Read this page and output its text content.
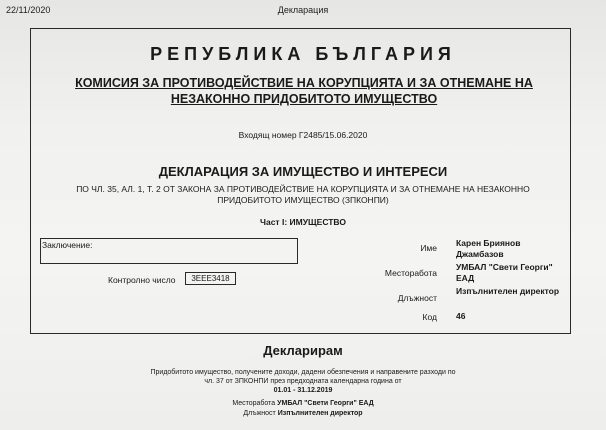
22/11/2020	Декларация
РЕПУБЛИКА БЪЛГАРИЯ
КОМИСИЯ ЗА ПРОТИВОДЕЙСТВИЕ НА КОРУПЦИЯТА И ЗА ОТНЕМАНЕ НА НЕЗАКОННО ПРИДОБИТОТО ИМУЩЕСТВО
Входящ номер Г2485/15.06.2020
ДЕКЛАРАЦИЯ ЗА ИМУЩЕСТВО И ИНТЕРЕСИ
ПО ЧЛ. 35, АЛ. 1, Т. 2 ОТ ЗАКОНА ЗА ПРОТИВОДЕЙСТВИЕ НА КОРУПЦИЯТА И ЗА ОТНЕМАНЕ НА НЕЗАКОННО ПРИДОБИТОТО ИМУЩЕСТВО (ЗПКОНПИ)
Част I: ИМУЩЕСТВО
Заключение:
Контролно число	3EEE3418
Име Карен Бриянов Джамбазов
Месторабота
УМБАЛ "Свети Георги" ЕАД
Длъжност
Изпълнителен директор
Код 46
Декларирам
Придобитото имущество, получените доходи, дадени обезпечения и направените разходи по чл. 37 от ЗПКОНПИ през предходната календарна година от
01.01 - 31.12.2019
Месторабота УМБАЛ "Свети Георги" ЕАД
Длъжност Изпълнителен директор
